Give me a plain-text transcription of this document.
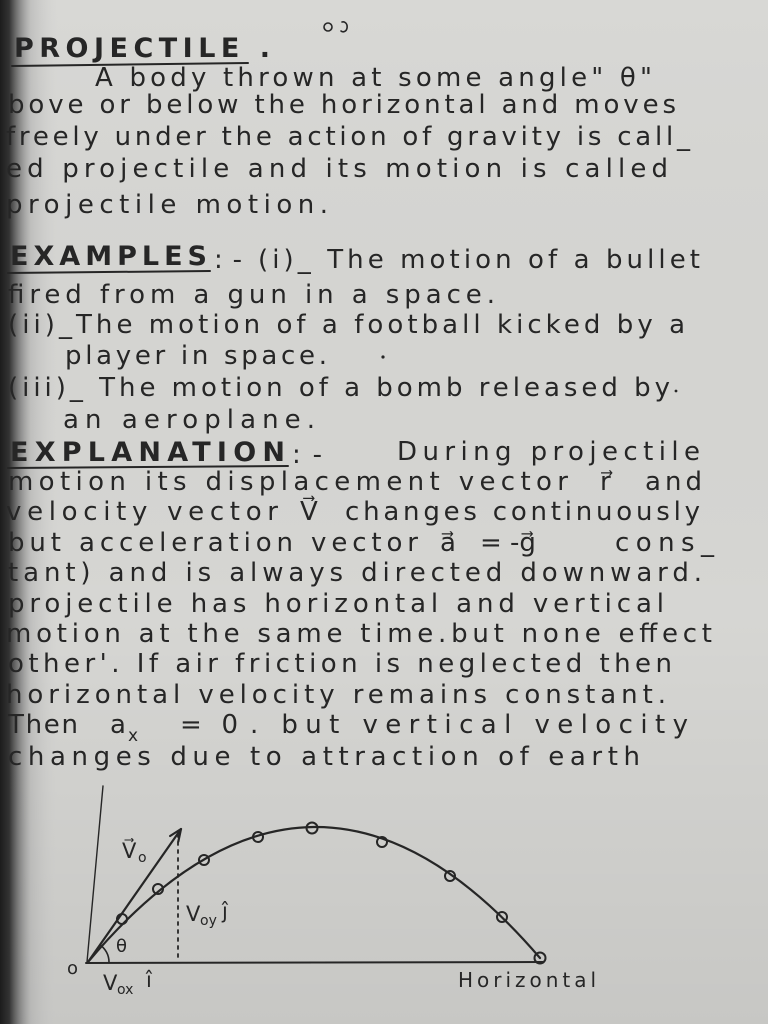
PROJECTILE .
A body thrown at some angle" θ"
bove or below the horizontal and moves
freely under the action of gravity is call_
ed projectile and its motion is called
projectile motion.
EXAMPLES :- (i)_ The motion of a bullet
fired from a gun in a space.
(ii)_The motion of a football kicked by a
player in space.
(iii)_ The motion of a bomb released by
an aeroplane.
EXPLANATION :-	During projectile
motion its displacement vector r⃗ and
velocity vector V⃗ changes continuously
but acceleration vector a⃗ = -g⃗	cons_
tant) and is always directed downward.
projectile has horizontal and vertical
motion at the same time.but none effect
other'. If air friction is neglected then
horizontal velocity remains constant.
Then a x = 0 . but vertical velocity
changes due to attraction of earth
V⃗ o
V oy ĵ
V ox î
θ
o	Horizontal
